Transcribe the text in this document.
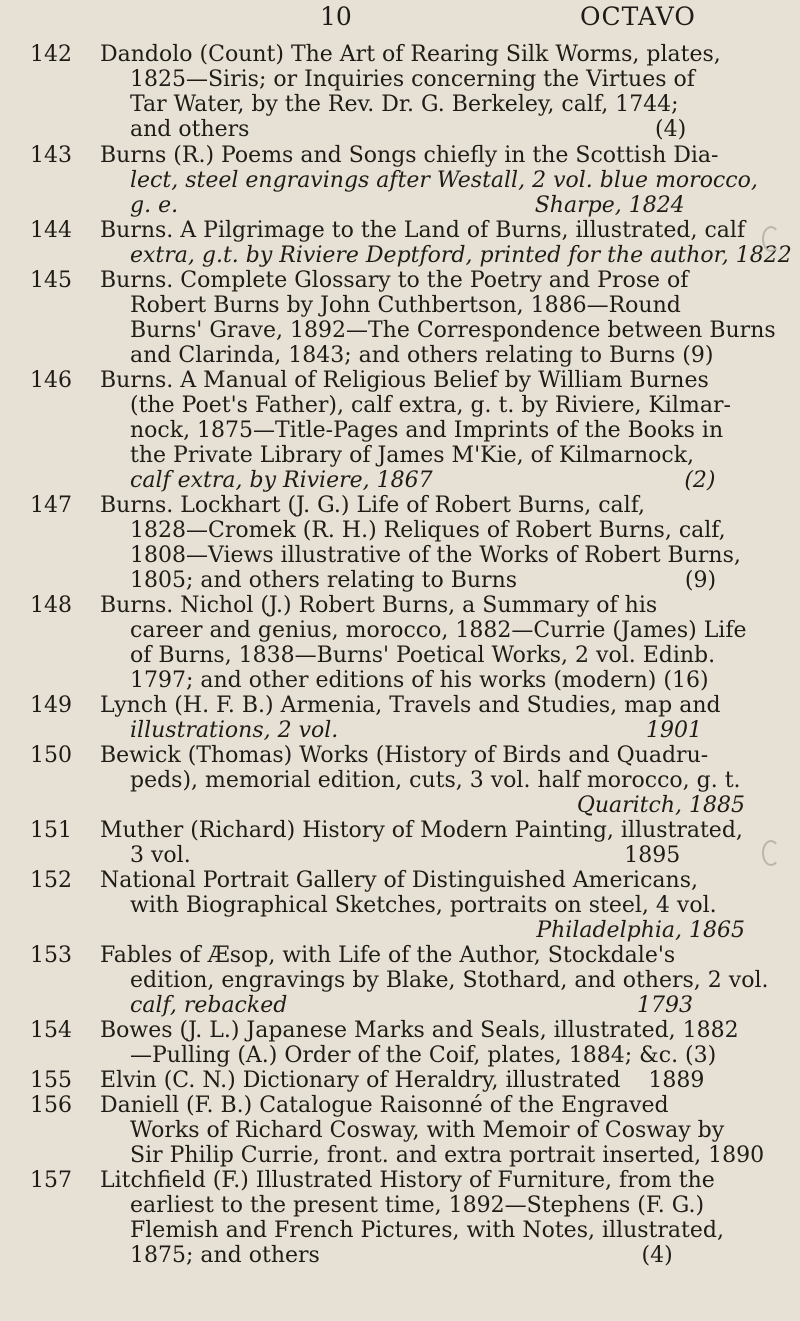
10	OCTAVO
142 Dandolo (Count) The Art of Rearing Silk Worms, plates,
1825—Siris; or Inquiries concerning the Virtues of
Tar Water, by the Rev. Dr. G. Berkeley, calf, 1744;
and others                                                          (4)
143 Burns (R.) Poems and Songs chiefly in the Scottish Dia-
lect, steel engravings after Westall, 2 vol. blue morocco,
g. e.                                                   Sharpe, 1824
144 Burns. A Pilgrimage to the Land of Burns, illustrated, calf
extra, g.t. by Riviere Deptford, printed for the author, 1822
145 Burns. Complete Glossary to the Poetry and Prose of
Robert Burns by John Cuthbertson, 1886—Round
Burns' Grave, 1892—The Correspondence between Burns
and Clarinda, 1843; and others relating to Burns (9)
146 Burns. A Manual of Religious Belief by William Burnes
(the Poet's Father), calf extra, g. t. by Riviere, Kilmar-
nock, 1875—Title-Pages and Imprints of the Books in
the Private Library of James M'Kie, of Kilmarnock,
calf extra, by Riviere, 1867                                    (2)
147 Burns. Lockhart (J. G.) Life of Robert Burns, calf,
1828—Cromek (R. H.) Reliques of Robert Burns, calf,
1808—Views illustrative of the Works of Robert Burns,
1805; and others relating to Burns                        (9)
148 Burns. Nichol (J.) Robert Burns, a Summary of his
career and genius, morocco, 1882—Currie (James) Life
of Burns, 1838—Burns' Poetical Works, 2 vol. Edinb.
1797; and other editions of his works (modern) (16)
149 Lynch (H. F. B.) Armenia, Travels and Studies, map and
illustrations, 2 vol.                                            1901
150 Bewick (Thomas) Works (History of Birds and Quadru-
peds), memorial edition, cuts, 3 vol. half morocco, g. t.
Quaritch, 1885
151 Muther (Richard) History of Modern Painting, illustrated,
3 vol.                                                              1895
152 National Portrait Gallery of Distinguished Americans,
with Biographical Sketches, portraits on steel, 4 vol.
Philadelphia, 1865
153 Fables of Æsop, with Life of the Author, Stockdale's
edition, engravings by Blake, Stothard, and others, 2 vol.
calf, rebacked                                                  1793
154 Bowes (J. L.) Japanese Marks and Seals, illustrated, 1882
—Pulling (A.) Order of the Coif, plates, 1884; &c. (3)
155 Elvin (C. N.) Dictionary of Heraldry, illustrated    1889
156 Daniell (F. B.) Catalogue Raisonné of the Engraved
Works of Richard Cosway, with Memoir of Cosway by
Sir Philip Currie, front. and extra portrait inserted, 1890
157 Litchfield (F.) Illustrated History of Furniture, from the
earliest to the present time, 1892—Stephens (F. G.)
Flemish and French Pictures, with Notes, illustrated,
1875; and others                                              (4)
